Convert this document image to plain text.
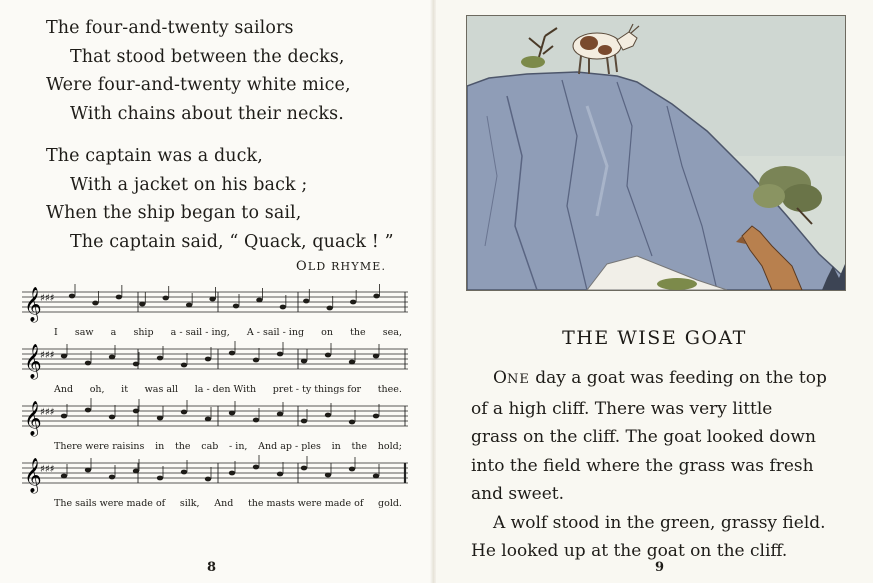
The four-and-twenty sailors
That stood between the decks,
Were four-and-twenty white mice,
With chains about their necks.
The captain was a duck,
With a jacket on his back ;
When the ship began to sail,
The captain said, “ Quack, quack ! ”
OLD RHYME.
𝄞
♯♯♯
I saw a ship a - sail - ing, A - sail - ing on the sea,
𝄞
♯♯♯
And oh, it was all la - den With pret - ty things for thee.
𝄞
♯♯♯
There were raisins in the cab - in, And ap - ples in the hold;
𝄞
♯♯♯
The sails were made of silk, And the masts were made of gold.
8
THE WISE GOAT
ONE day a goat was feeding on the top
of a high cliff. There was very little
grass on the cliff. The goat looked down
into the field where the grass was fresh
and sweet.
A wolf stood in the green, grassy field.
He looked up at the goat on the cliff.
9
